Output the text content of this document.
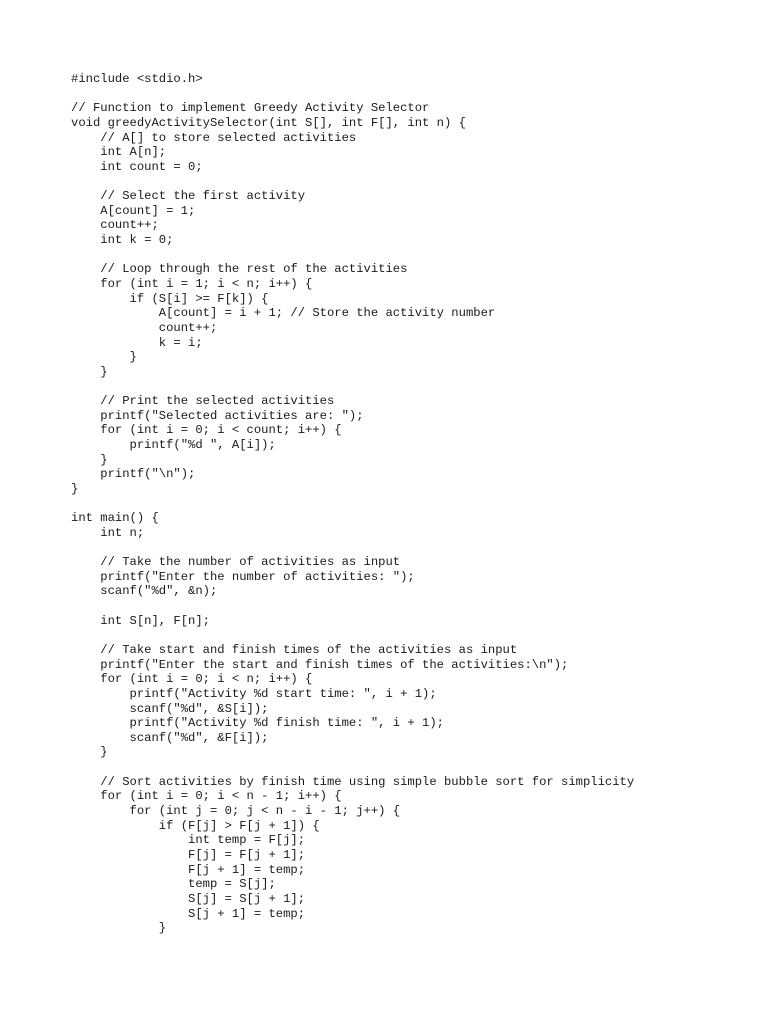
#include <stdio.h>
// Function to implement Greedy Activity Selector
void greedyActivitySelector(int S[], int F[], int n) {
// A[] to store selected activities
int A[n];
int count = 0;
// Select the first activity
A[count] = 1;
count++;
int k = 0;
// Loop through the rest of the activities
for (int i = 1; i < n; i++) {
if (S[i] >= F[k]) {
A[count] = i + 1; // Store the activity number
count++;
k = i;
}
}
// Print the selected activities
printf("Selected activities are: ");
for (int i = 0; i < count; i++) {
printf("%d ", A[i]);
}
printf("\n");
}
int main() {
int n;
// Take the number of activities as input
printf("Enter the number of activities: ");
scanf("%d", &n);
int S[n], F[n];
// Take start and finish times of the activities as input
printf("Enter the start and finish times of the activities:\n");
for (int i = 0; i < n; i++) {
printf("Activity %d start time: ", i + 1);
scanf("%d", &S[i]);
printf("Activity %d finish time: ", i + 1);
scanf("%d", &F[i]);
}
// Sort activities by finish time using simple bubble sort for simplicity
for (int i = 0; i < n - 1; i++) {
for (int j = 0; j < n - i - 1; j++) {
if (F[j] > F[j + 1]) {
int temp = F[j];
F[j] = F[j + 1];
F[j + 1] = temp;
temp = S[j];
S[j] = S[j + 1];
S[j + 1] = temp;
}
